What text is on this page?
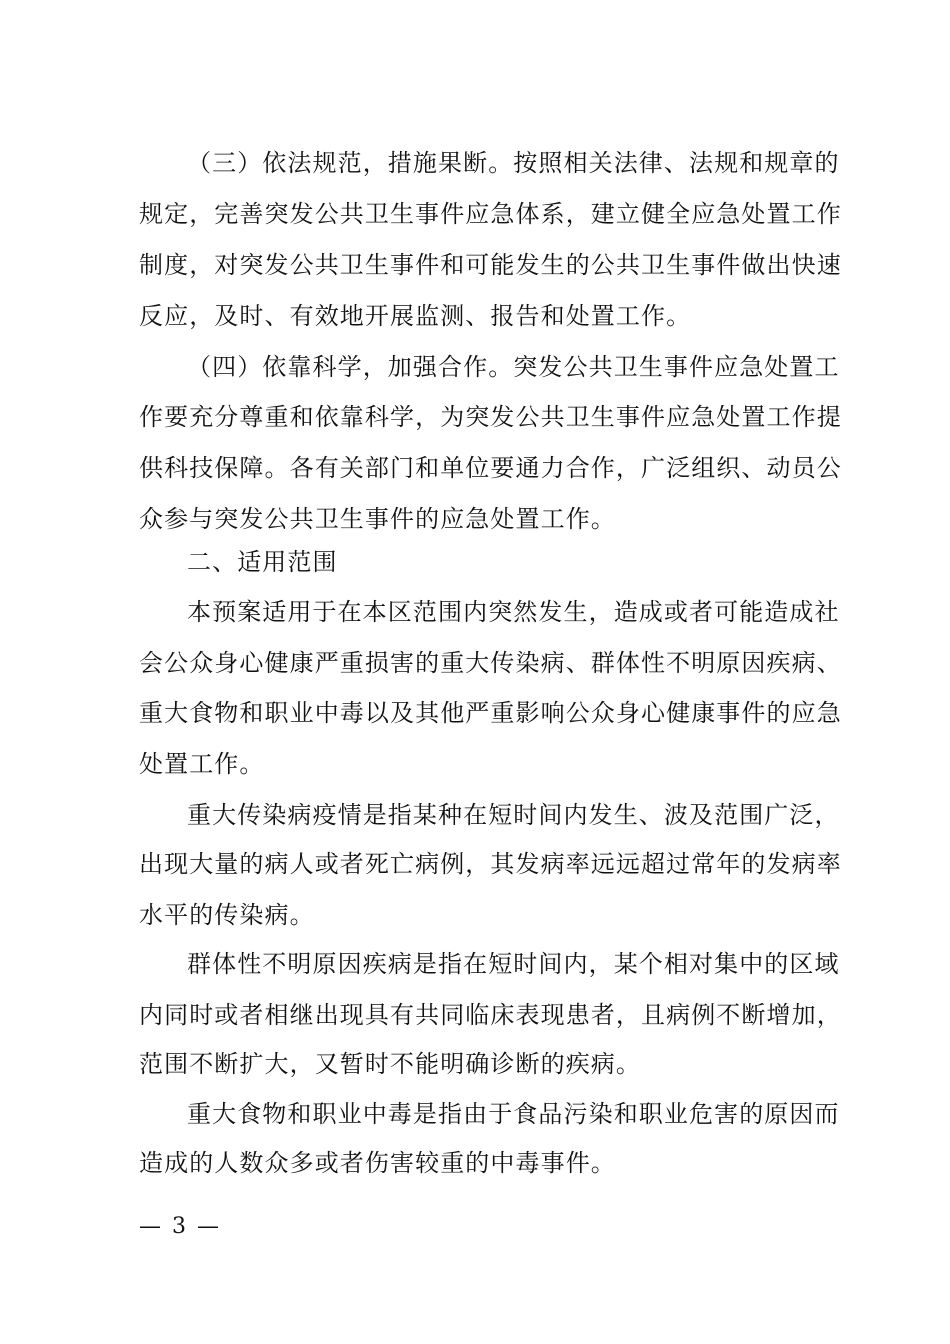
（三）依法规范，措施果断。按照相关法律、法规和规章的
规定，完善突发公共卫生事件应急体系，建立健全应急处置工作
制度，对突发公共卫生事件和可能发生的公共卫生事件做出快速
反应，及时、有效地开展监测、报告和处置工作。
（四）依靠科学，加强合作。突发公共卫生事件应急处置工
作要充分尊重和依靠科学，为突发公共卫生事件应急处置工作提
供科技保障。各有关部门和单位要通力合作，广泛组织、动员公
众参与突发公共卫生事件的应急处置工作。
二、适用范围
本预案适用于在本区范围内突然发生，造成或者可能造成社
会公众身心健康严重损害的重大传染病、群体性不明原因疾病、
重大食物和职业中毒以及其他严重影响公众身心健康事件的应急
处置工作。
重大传染病疫情是指某种在短时间内发生、波及范围广泛，
出现大量的病人或者死亡病例，其发病率远远超过常年的发病率
水平的传染病。
群体性不明原因疾病是指在短时间内，某个相对集中的区域
内同时或者相继出现具有共同临床表现患者，且病例不断增加，
范围不断扩大，又暂时不能明确诊断的疾病。
重大食物和职业中毒是指由于食品污染和职业危害的原因而
造成的人数众多或者伤害较重的中毒事件。
— 3 —
